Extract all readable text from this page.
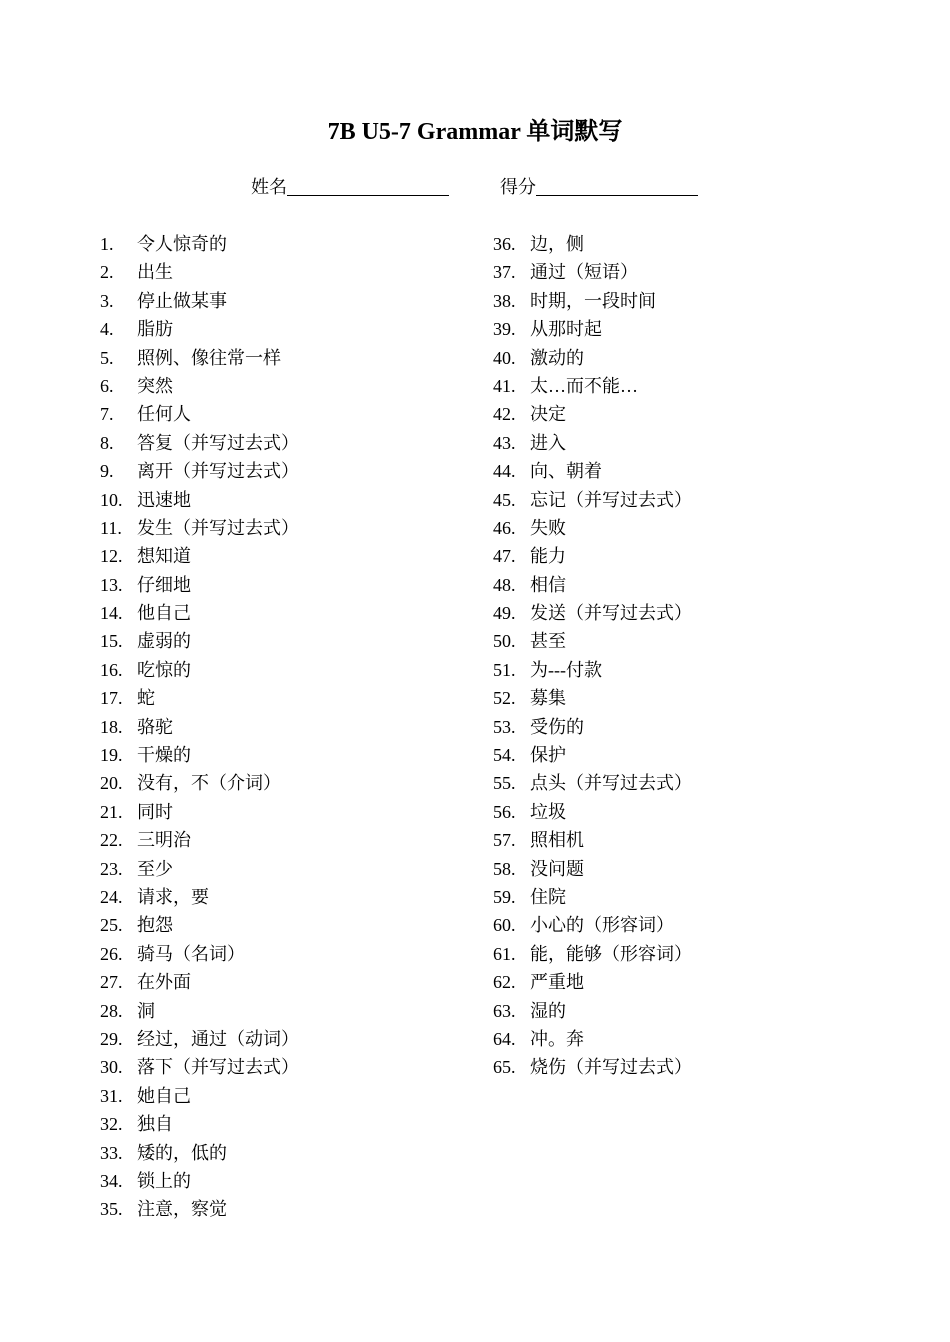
7B U5-7 Grammar 单词默写
姓名	得分
1. 令人惊奇的
2. 出生
3. 停止做某事
4. 脂肪
5. 照例、像往常一样
6. 突然
7. 任何人
8. 答复（并写过去式）
9. 离开（并写过去式）
10. 迅速地
11. 发生（并写过去式）
12. 想知道
13. 仔细地
14. 他自己
15. 虚弱的
16. 吃惊的
17. 蛇
18. 骆驼
19. 干燥的
20. 没有，不（介词）
21. 同时
22. 三明治
23. 至少
24. 请求，要
25. 抱怨
26. 骑马（名词）
27. 在外面
28. 洞
29. 经过，通过（动词）
30. 落下（并写过去式）
31. 她自己
32. 独自
33. 矮的，低的
34. 锁上的
35. 注意，察觉
36. 边，侧
37. 通过（短语）
38. 时期，一段时间
39. 从那时起
40. 激动的
41. 太…而不能…
42. 决定
43. 进入
44. 向、朝着
45. 忘记（并写过去式）
46. 失败
47. 能力
48. 相信
49. 发送（并写过去式）
50. 甚至
51. 为---付款
52. 募集
53. 受伤的
54. 保护
55. 点头（并写过去式）
56. 垃圾
57. 照相机
58. 没问题
59. 住院
60. 小心的（形容词）
61. 能，能够（形容词）
62. 严重地
63. 湿的
64. 冲。奔
65. 烧伤（并写过去式）
